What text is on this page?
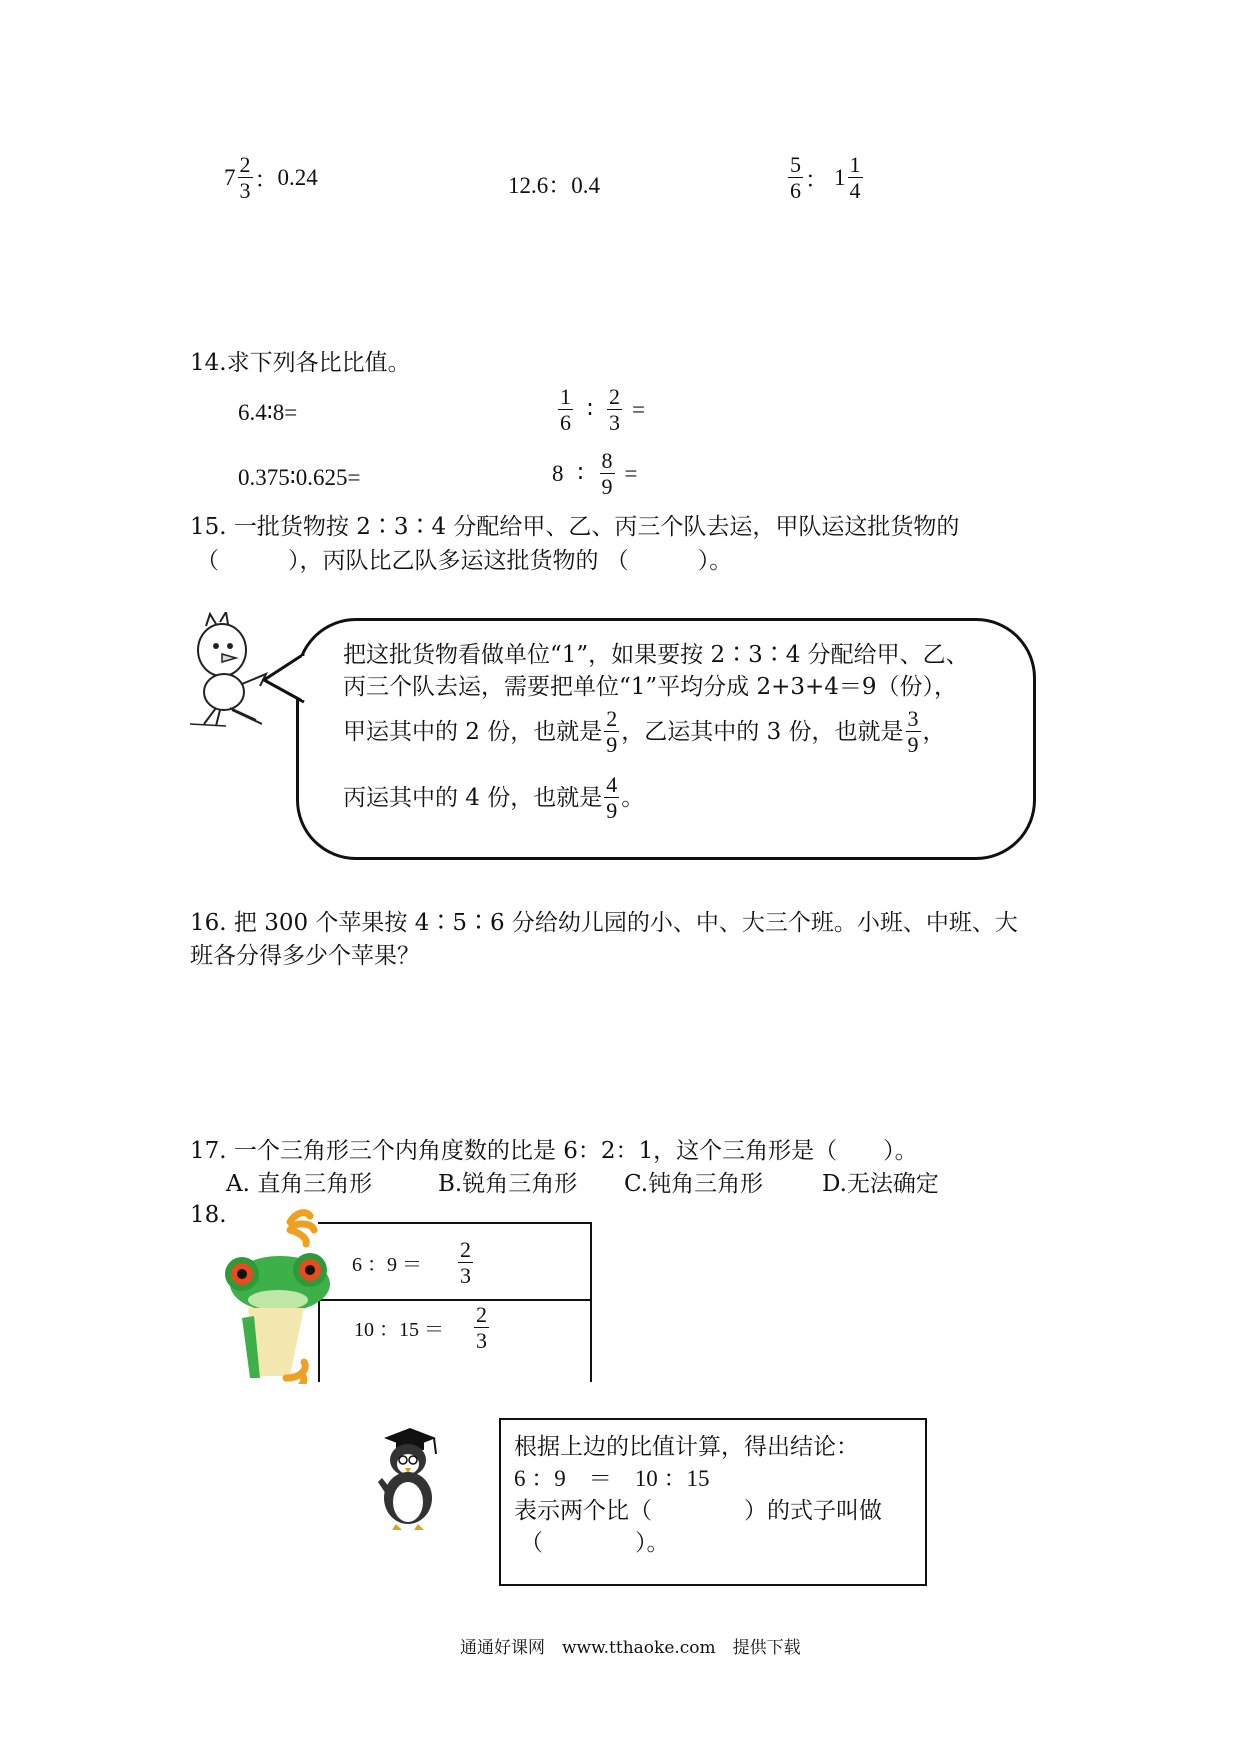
$7 \frac{2}{3}$ ： 0.24	12.6：0.4	$\frac{5}{6}$ ： $1 \frac{1}{4}$
14.求下列各比比值。
6.4∶8=	$\frac{1}{6}$ ∶ $\frac{2}{3}$ =
0.375∶0.625=	8 ∶ $\frac{8}{9}$ =
15. 一批货物按 2∶3∶4 分配给甲、乙、丙三个队去运，甲队运这批货物的
（　　　），丙队比乙队多运这批货物的 （　　　）。
把这批货物看做单位“1”，如果要按 2∶3∶4 分配给甲、乙、
丙三个队去运，需要把单位“1”平均分成 2+3+4＝9（份），
甲运其中的 2 份，也就是 $\frac{2}{9}$ ，乙运其中的 3 份，也就是 $\frac{3}{9}$ ，
丙运其中的 4 份，也就是 $\frac{4}{9}$ 。
16. 把 300 个苹果按 4∶5∶6 分给幼儿园的小、中、大三个班。小班、中班、大
班各分得多少个苹果？
17. 一个三角形三个内角度数的比是 6：2：1，这个三角形是（　　）。
A. 直角三角形	B.锐角三角形 C.钝角三角形	D.无法确定
18.
6 ：$9 = \frac{2}{3}$
10 ：$15 = \frac{2}{3}$
根据上边的比值计算，得出结论：
6 ：9　＝　10 ：15
表示两个比（　　　　）的式子叫做
（　　　　）。
通通好课网　www.tthaoke.com　提供下载
